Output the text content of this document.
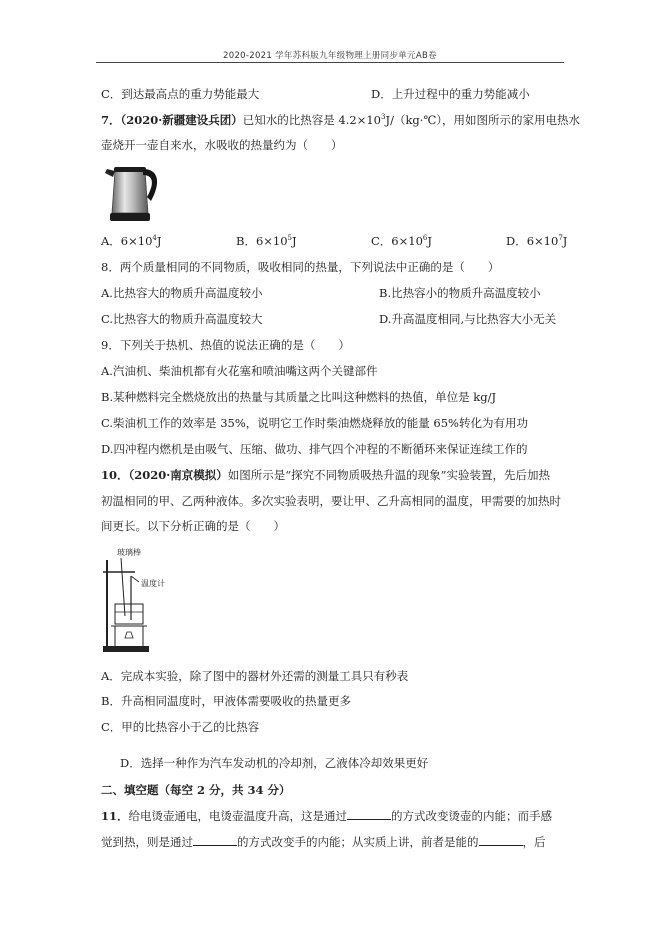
2020-2021 学年苏科版九年级物理上册同步单元AB卷
C．到达最高点的重力势能最大	D．上升过程中的重力势能减小
7．（2020·新疆建设兵团）已知水的比热容是 $4.2\times 10^3J/(kg\cdot℃)$，用如图所示的家用电热水
壶烧开一壶自来水，水吸收的热量约为（　　）
A．$6\times 10^4J$	B．$6\times 10^5J$	C．$6\times 10^6J$	D．$6\times 10^7J$
8．两个质量相同的不同物质，吸收相同的热量，下列说法中正确的是（　　）
A.比热容大的物质升高温度较小	B.比热容小的物质升高温度较小
C.比热容大的物质升高温度较大	D.升高温度相同,与比热容大小无关
9．下列关于热机、热值的说法正确的是（　　）
A.汽油机、柴油机都有火花塞和喷油嘴这两个关键部件
B.某种燃料完全燃烧放出的热量与其质量之比叫这种燃料的热值，单位是 kg/J
C.柴油机工作的效率是 35%，说明它工作时柴油燃烧释放的能量 65%转化为有用功
D.四冲程内燃机是由吸气、压缩、做功、排气四个冲程的不断循环来保证连续工作的
10．（2020·南京模拟）如图所示是“探究不同物质吸热升温的现象”实验装置，先后加热
初温相同的甲、乙两种液体。多次实验表明，要让甲、乙升高相同的温度，甲需要的加热时
间更长。以下分析正确的是（　　）
玻璃棒
温度计
A．完成本实验，除了图中的器材外还需的测量工具只有秒表
B．升高相同温度时，甲液体需要吸收的热量更多
C．甲的比热容小于乙的比热容
D．选择一种作为汽车发动机的冷却剂，乙液体冷却效果更好
二、填空题（每空 2 分，共 34 分）
11．给电烫壶通电，电烫壶温度升高，这是通过	的方式改变烫壶的内能；而手感
觉到热，则是通过	的方式改变手的内能；从实质上讲，前者是能的	，后
